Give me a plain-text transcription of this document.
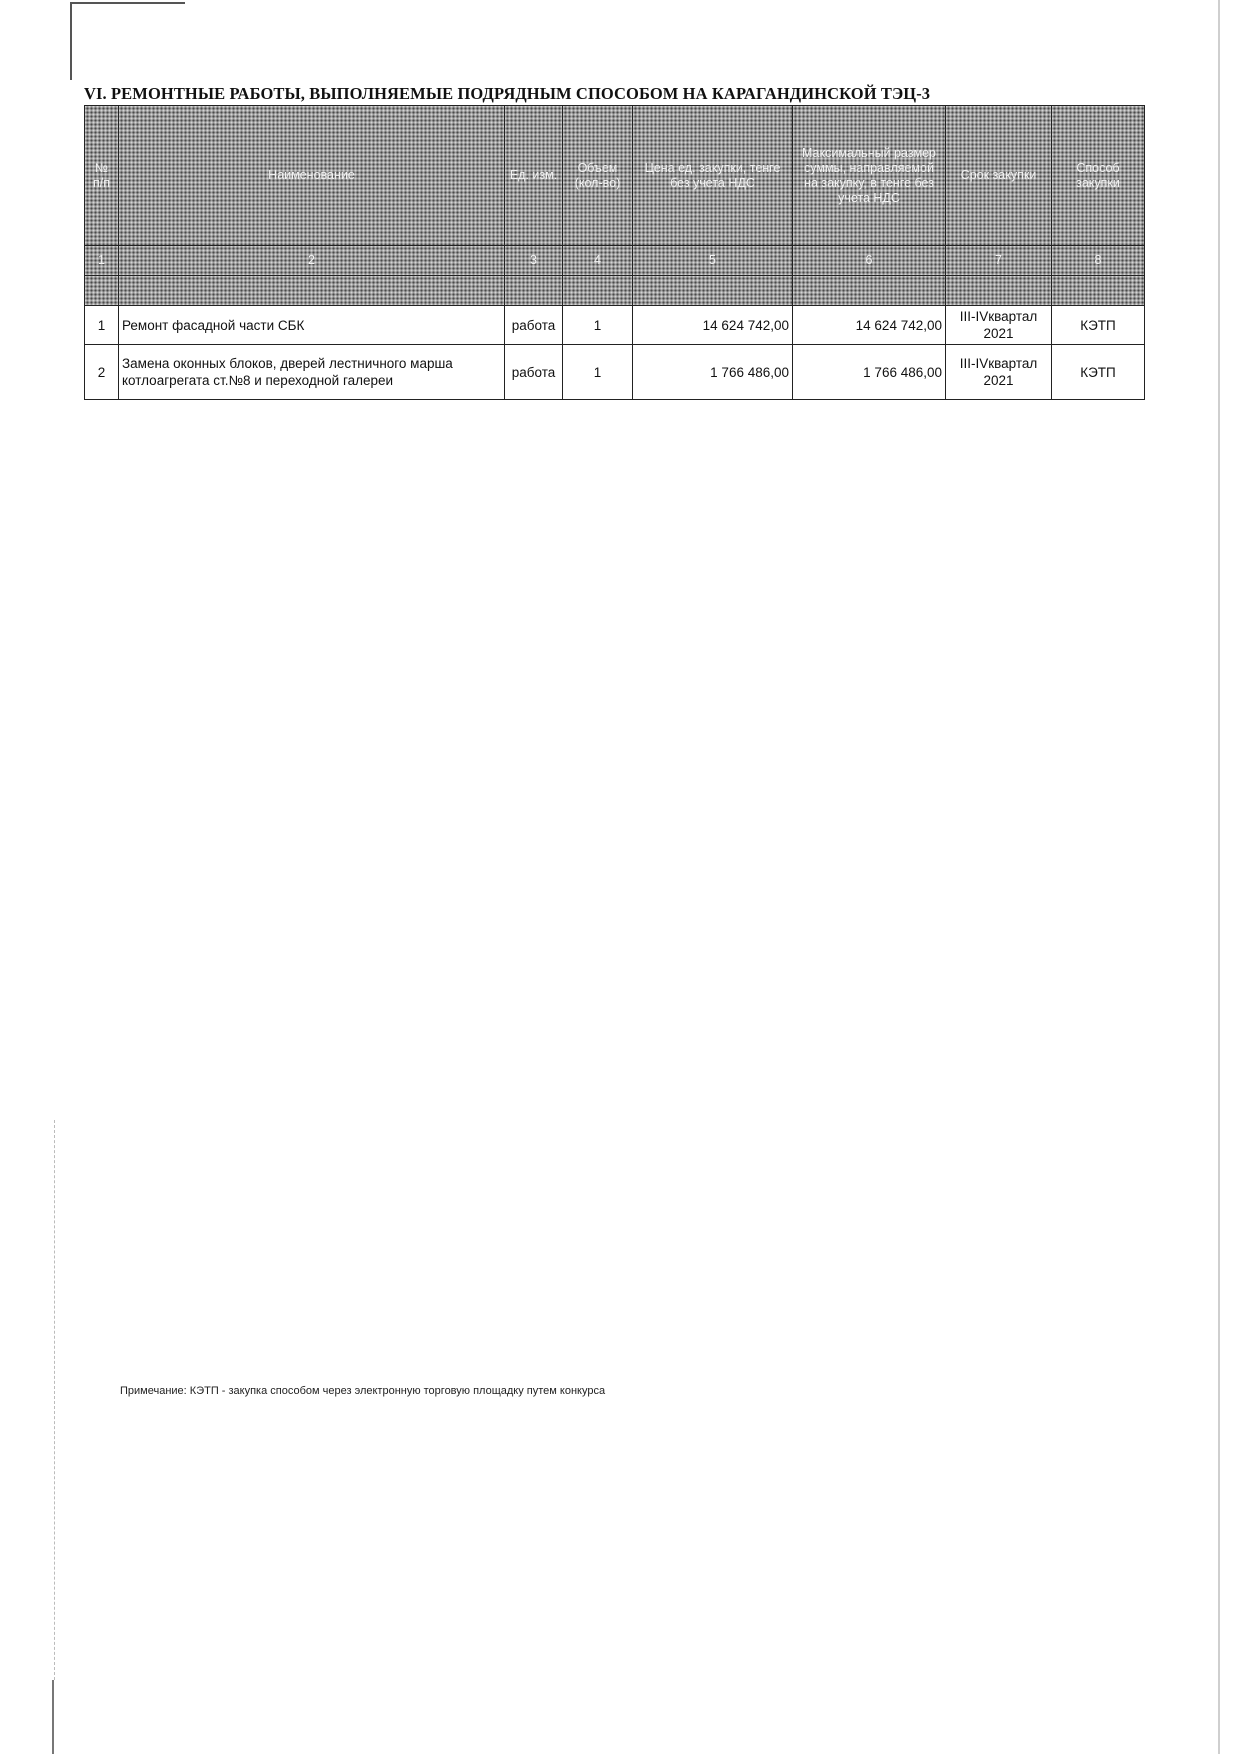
VI. РЕМОНТНЫЕ РАБОТЫ, ВЫПОЛНЯЕМЫЕ ПОДРЯДНЫМ СПОСОБОМ НА КАРАГАНДИНСКОЙ ТЭЦ-3
№ п/п	Наименование	Ед. изм.	Объем (кол-во)	Цена ед. закупки, тенге без учета НДС	Максимальный размер суммы, направляемой на закупку, в тенге без учета НДС	Срок закупки	Способ закупки
1	2	3	4	5	6	7	8

1	Ремонт фасадной части СБК	работа	1	14 624 742,00	14 624 742,00	III-IVквартал 2021	КЭТП
2	Замена оконных блоков, дверей лестничного марша котлоагрегата ст.№8 и переходной галереи	работа	1	1 766 486,00	1 766 486,00	III-IVквартал 2021	КЭТП
Примечание: КЭТП - закупка способом через электронную торговую площадку путем конкурса
